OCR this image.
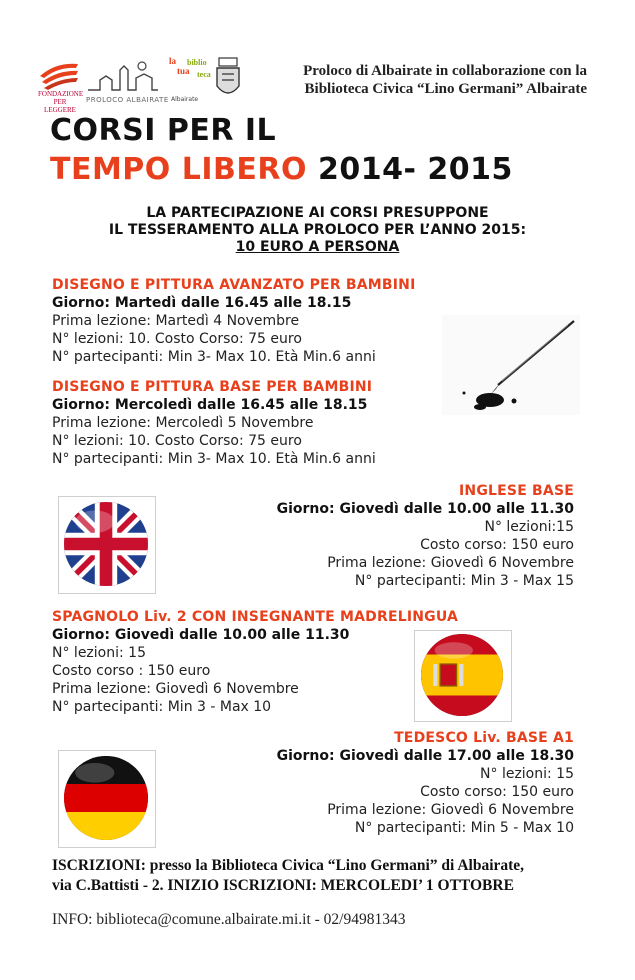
FONDAZIONE PER LEGGERE
PROLOCO ALBAIRATE
la
tua
biblio
teca
Albairate
Proloco di Albairate in collaborazione con la
Biblioteca Civica “Lino Germani” Albairate
CORSI PER IL
TEMPO LIBERO 2014- 2015
LA PARTECIPAZIONE AI CORSI PRESUPPONE
IL TESSERAMENTO ALLA PROLOCO PER L’ANNO 2015:
10 EURO A PERSONA
DISEGNO E PITTURA AVANZATO PER BAMBINI
Giorno: Martedì dalle 16.45 alle 18.15
Prima lezione: Martedì 4 Novembre
N° lezioni: 10. Costo Corso: 75 euro
N° partecipanti: Min 3- Max 10. Età Min.6 anni
DISEGNO E PITTURA BASE PER BAMBINI
Giorno: Mercoledì dalle 16.45 alle 18.15
Prima lezione: Mercoledì 5 Novembre
N° lezioni: 10. Costo Corso: 75 euro
N° partecipanti: Min 3- Max 10. Età Min.6 anni
INGLESE BASE
Giorno: Giovedì dalle 10.00 alle 11.30
N° lezioni:15
Costo corso: 150 euro
Prima lezione: Giovedì 6 Novembre
N° partecipanti: Min 3 - Max 15
SPAGNOLO Liv. 2 CON INSEGNANTE MADRELINGUA
Giorno: Giovedì dalle 10.00 alle 11.30
N° lezioni: 15
Costo corso : 150 euro
Prima lezione: Giovedì 6 Novembre
N° partecipanti: Min 3 - Max 10
TEDESCO Liv. BASE A1
Giorno: Giovedì dalle 17.00 alle 18.30
N° lezioni: 15
Costo corso: 150 euro
Prima lezione: Giovedì 6 Novembre
N° partecipanti: Min 5 - Max 10
ISCRIZIONI: presso la Biblioteca Civica “Lino Germani” di Albairate,
via C.Battisti - 2. INIZIO ISCRIZIONI: MERCOLEDI’ 1 OTTOBRE
INFO: biblioteca@comune.albairate.mi.it - 02/94981343
